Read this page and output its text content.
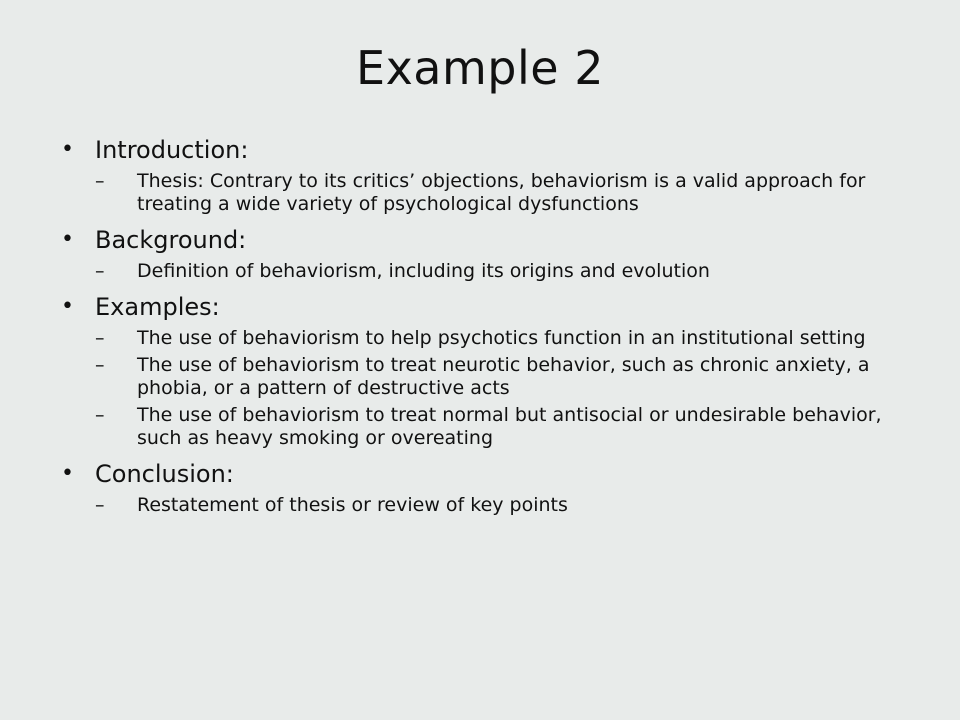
Example 2
• Introduction:
– Thesis: Contrary to its critics’ objections, behaviorism is a valid approach for treating a wide variety of psychological dysfunctions
• Background:
– Definition of behaviorism, including its origins and evolution
• Examples:
– The use of behaviorism to help psychotics function in an institutional setting
– The use of behaviorism to treat neurotic behavior, such as chronic anxiety, a phobia, or a pattern of destructive acts
– The use of behaviorism to treat normal but antisocial or undesirable behavior, such as heavy smoking or overeating
• Conclusion:
– Restatement of thesis or review of key points
